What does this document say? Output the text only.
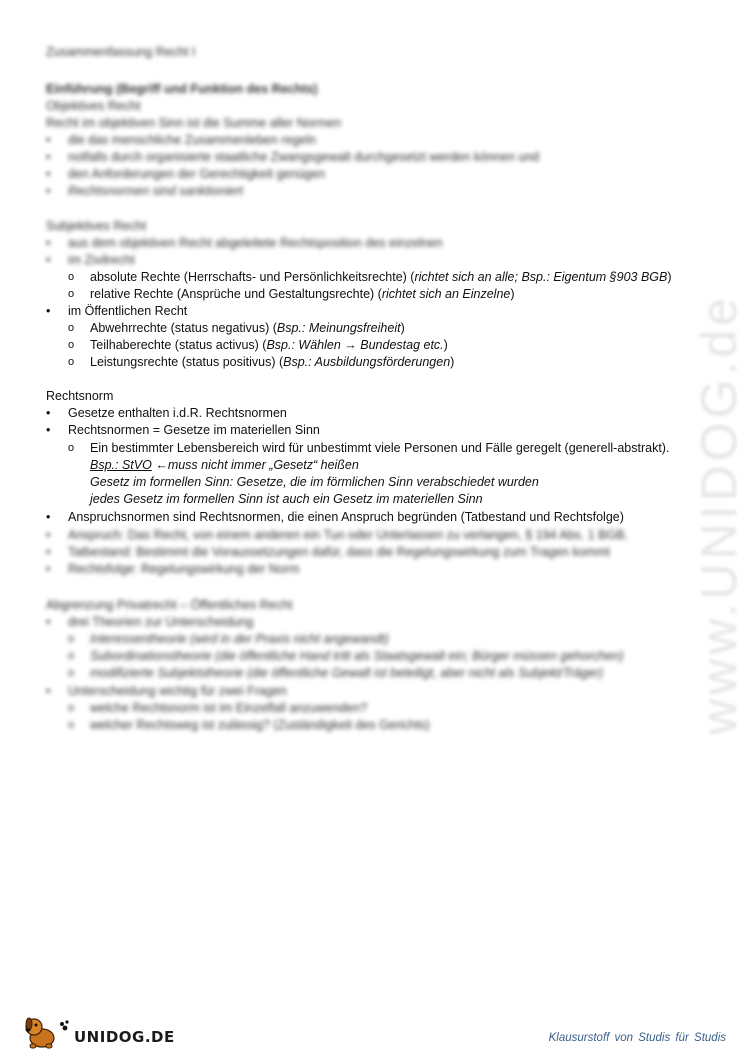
Zusammenfassung Recht I
Einführung (Begriff und Funktion des Rechts)
Objektives Recht
Recht im objektiven Sinn ist die Summe aller Normen
• die das menschliche Zusammenleben regeln
• notfalls durch organisierte staatliche Zwangsgewalt durchgesetzt werden können und
• den Anforderungen der Gerechtigkeit genügen
• Rechtsnormen sind sanktioniert
Subjektives Recht
• aus dem objektiven Recht abgeleitete Rechtsposition des einzelnen
• im Zivilrecht
o absolute Rechte (Herrschafts- und Persönlichkeitsrechte) (richtet sich an alle; Bsp.: Eigentum §903 BGB)
o relative Rechte (Ansprüche und Gestaltungsrechte) (richtet sich an Einzelne)
• im Öffentlichen Recht
o Abwehrrechte (status negativus) (Bsp.: Meinungsfreiheit)
o Teilhaberechte (status activus) (Bsp.: Wählen → Bundestag etc.)
o Leistungsrechte (status positivus) (Bsp.: Ausbildungsförderungen)
Rechtsnorm
• Gesetze enthalten i.d.R. Rechtsnormen
• Rechtsnormen = Gesetze im materiellen Sinn
o Ein bestimmter Lebensbereich wird für unbestimmt viele Personen und Fälle geregelt (generell-abstrakt).
Bsp.: StVO ←muss nicht immer „Gesetz“ heißen
Gesetz im formellen Sinn: Gesetze, die im förmlichen Sinn verabschiedet wurden
jedes Gesetz im formellen Sinn ist auch ein Gesetz im materiellen Sinn
• Anspruchsnormen sind Rechtsnormen, die einen Anspruch begründen (Tatbestand und Rechtsfolge)
• Anspruch: Das Recht, von einem anderen ein Tun oder Unterlassen zu verlangen, § 194 Abs. 1 BGB.
• Tatbestand: Bestimmt die Voraussetzungen dafür, dass die Regelungswirkung zum Tragen kommt
• Rechtsfolge: Regelungswirkung der Norm
Abgrenzung Privatrecht – Öffentliches Recht
• drei Theorien zur Unterscheidung
o Interessentheorie (wird in der Praxis nicht angewandt)
o Subordinationstheorie (die öffentliche Hand tritt als Staatsgewalt ein; Bürger müssen gehorchen)
o modifizierte Subjektstheorie (die öffentliche Gewalt ist beteiligt, aber nicht als Subjekt/Träger)
• Unterscheidung wichtig für zwei Fragen
o welche Rechtsnorm ist im Einzelfall anzuwenden?
o welcher Rechtsweg ist zulässig? (Zuständigkeit des Gerichts)	www.UNIDOG.de
UNIDOG.DE	Klausurstoff von Studis für Studis
